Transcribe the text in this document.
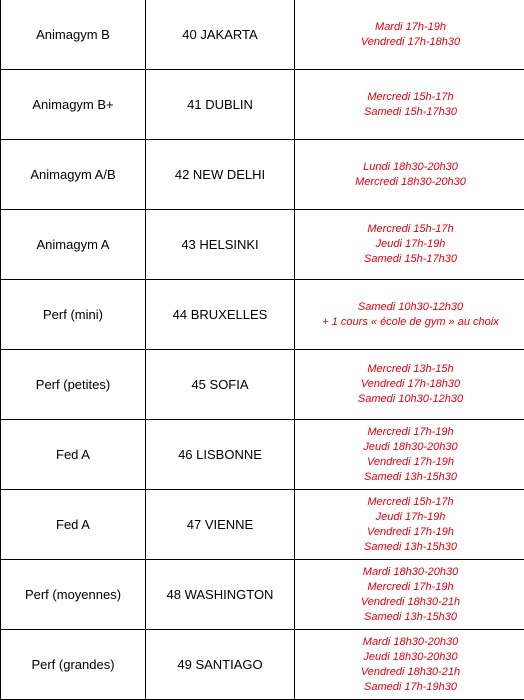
Animagym B	40 JAKARTA	Mardi 17h-19h
Vendredi 17h-18h30

Animagym B+	41 DUBLIN	Mercredi 15h-17h
Samedi 15h-17h30

Animagym A/B	42 NEW DELHI	Lundi 18h30-20h30
Mercredi 18h30-20h30

Animagym A	43 HELSINKI	Mercredi 15h-17h
Jeudi 17h-19h
Samedi 15h-17h30

Perf (mini)	44 BRUXELLES	Samedi 10h30-12h30
+ 1 cours « école de gym » au choix

Perf (petites)	45 SOFIA	Mercredi 13h-15h
Vendredi 17h-18h30
Samedi 10h30-12h30

Fed A	46 LISBONNE	Mercredi 17h-19h
Jeudi 18h30-20h30
Vendredi 17h-19h
Samedi 13h-15h30

Fed A	47 VIENNE	Mercredi 15h-17h
Jeudi 17h-19h
Vendredi 17h-19h
Samedi 13h-15h30

Perf (moyennes)	48 WASHINGTON	Mardi 18h30-20h30
Mercredi 17h-19h
Vendredi 18h30-21h
Samedi 13h-15h30

Perf (grandes)	49 SANTIAGO	Mardi 18h30-20h30
Jeudi 18h30-20h30
Vendredi 18h30-21h
Samedi 17h-19h30
